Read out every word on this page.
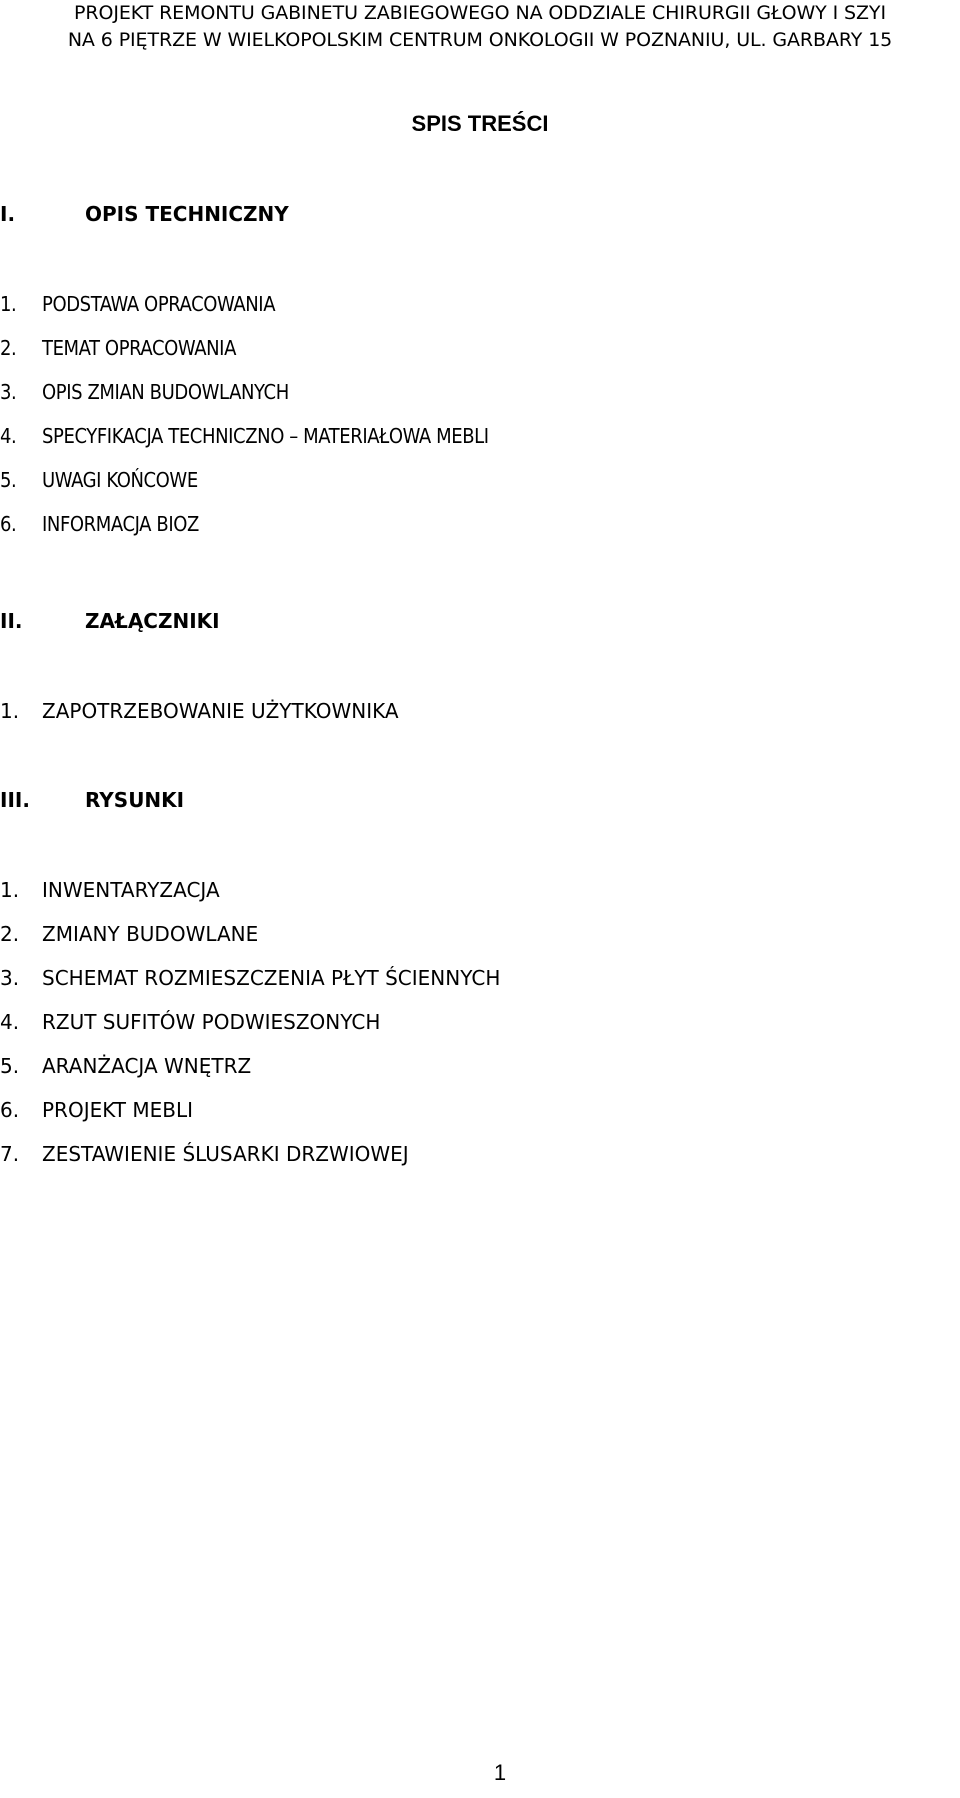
PROJEKT REMONTU GABINETU ZABIEGOWEGO NA ODDZIALE CHIRURGII GŁOWY I SZYI
NA 6 PIĘTRZE W WIELKOPOLSKIM CENTRUM ONKOLOGII W POZNANIU, UL. GARBARY 15
SPIS TREŚCI
I.	OPIS TECHNICZNY
1. PODSTAWA OPRACOWANIA
2. TEMAT OPRACOWANIA
3. OPIS ZMIAN BUDOWLANYCH
4. SPECYFIKACJA TECHNICZNO – MATERIAŁOWA MEBLI
5. UWAGI KOŃCOWE
6. INFORMACJA BIOZ
II.	ZAŁĄCZNIKI
1. ZAPOTRZEBOWANIE UŻYTKOWNIKA
III.	RYSUNKI
1. INWENTARYZACJA
2. ZMIANY BUDOWLANE
3. SCHEMAT ROZMIESZCZENIA PŁYT ŚCIENNYCH
4. RZUT SUFITÓW PODWIESZONYCH
5. ARANŻACJA WNĘTRZ
6. PROJEKT MEBLI
7. ZESTAWIENIE ŚLUSARKI DRZWIOWEJ
1
